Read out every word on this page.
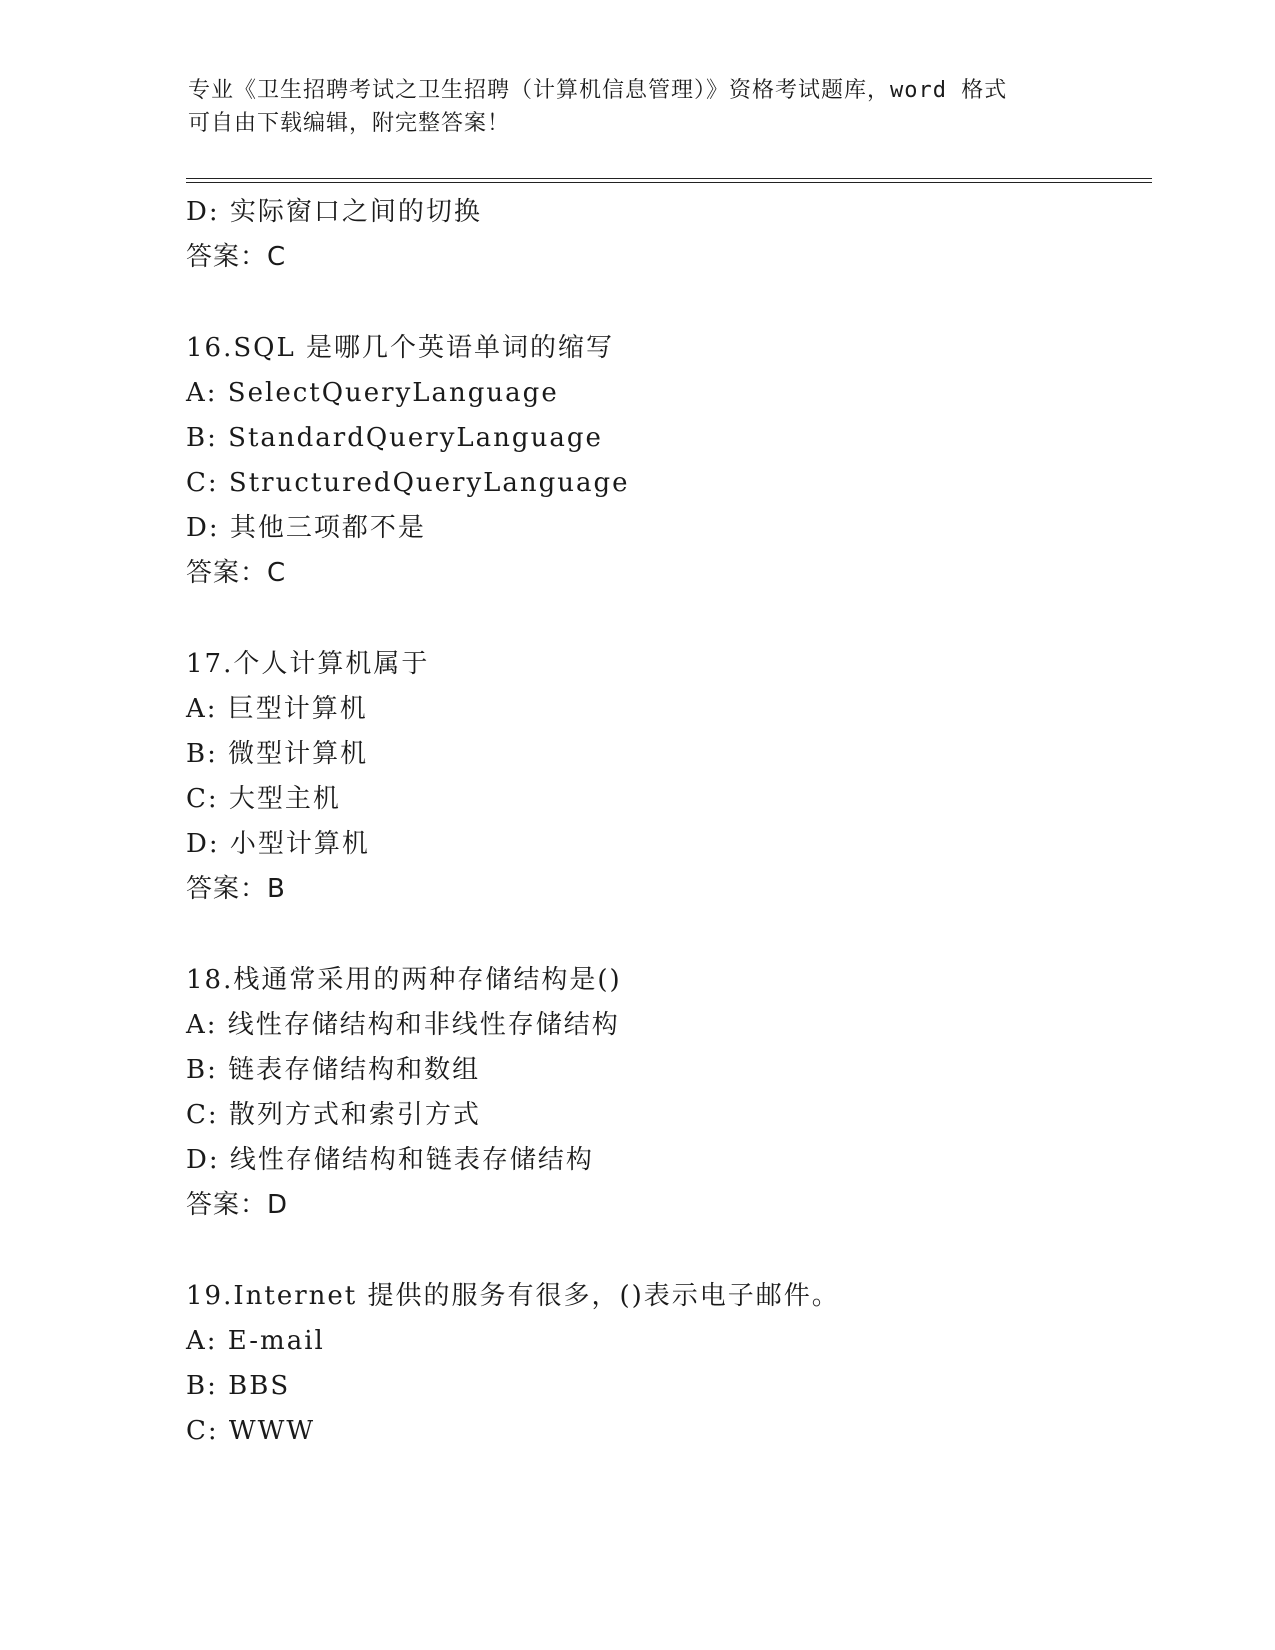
专业《卫生招聘考试之卫生招聘（计算机信息管理）》资格考试题库，word 格式
可自由下载编辑，附完整答案！
D: 实际窗口之间的切换
答案：C
16.SQL 是哪几个英语单词的缩写
A: SelectQueryLanguage
B: StandardQueryLanguage
C: StructuredQueryLanguage
D: 其他三项都不是
答案：C
17.个人计算机属于
A: 巨型计算机
B: 微型计算机
C: 大型主机
D: 小型计算机
答案：B
18.栈通常采用的两种存储结构是()
A: 线性存储结构和非线性存储结构
B: 链表存储结构和数组
C: 散列方式和索引方式
D: 线性存储结构和链表存储结构
答案：D
19.Internet 提供的服务有很多，()表示电子邮件。
A: E-mail
B: BBS
C: WWW
